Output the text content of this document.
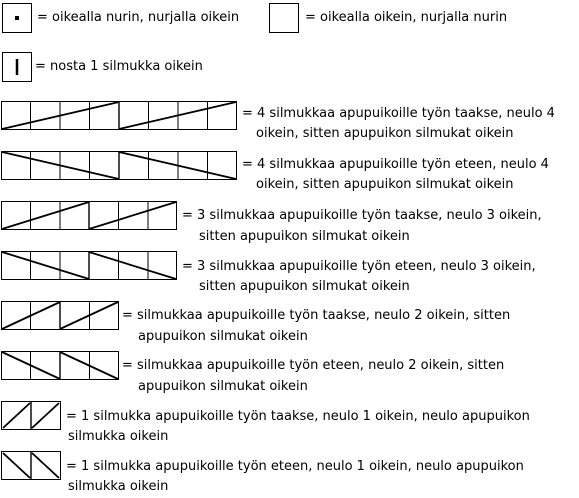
= oikealla nurin, nurjalla oikein	= oikealla oikein, nurjalla nurin
= nosta 1 silmukka oikein
= 4 silmukkaa apupuikoille työn taakse, neulo 4
oikein, sitten apupuikon silmukat oikein
= 4 silmukkaa apupuikoille työn eteen, neulo 4
oikein, sitten apupuikon silmukat oikein
= 3 silmukkaa apupuikoille työn taakse, neulo 3 oikein,
sitten apupuikon silmukat oikein
= 3 silmukkaa apupuikoille työn eteen, neulo 3 oikein,
sitten apupuikon silmukat oikein
= silmukkaa apupuikoille työn taakse, neulo 2 oikein, sitten
apupuikon silmukat oikein
= silmukkaa apupuikoille työn eteen, neulo 2 oikein, sitten
apupuikon silmukat oikein
= 1 silmukka apupuikoille työn taakse, neulo 1 oikein, neulo apupuikon
silmukka oikein
= 1 silmukka apupuikoille työn eteen, neulo 1 oikein, neulo apupuikon
silmukka oikein
